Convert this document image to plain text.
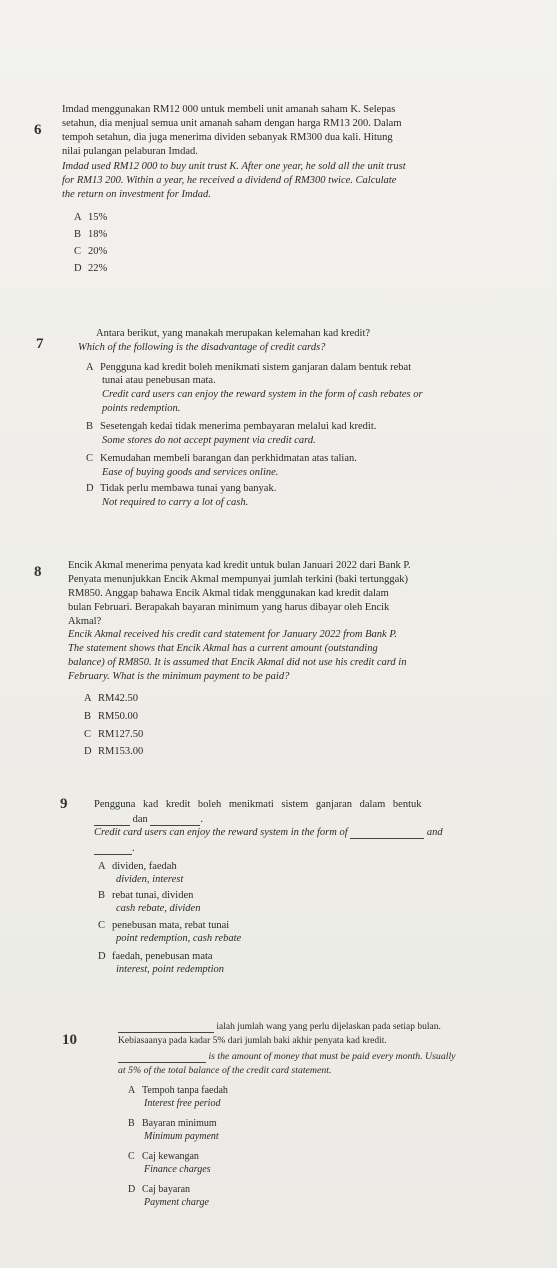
6
Imdad menggunakan RM12 000 untuk membeli unit amanah saham K. Selepas
setahun, dia menjual semua unit amanah saham dengan harga RM13 200. Dalam
tempoh setahun, dia juga menerima dividen sebanyak RM300 dua kali. Hitung
nilai pulangan pelaburan Imdad.
Imdad used RM12 000 to buy unit trust K. After one year, he sold all the unit trust
for RM13 200. Within a year, he received a dividend of RM300 twice. Calculate
the return on investment for Imdad.
A 15%
B 18%
C 20%
D 22%
7
Antara berikut, yang manakah merupakan kelemahan kad kredit?
Which of the following is the disadvantage of credit cards?
A Pengguna kad kredit boleh menikmati sistem ganjaran dalam bentuk rebat
tunai atau penebusan mata.
Credit card users can enjoy the reward system in the form of cash rebates or
points redemption.
B Sesetengah kedai tidak menerima pembayaran melalui kad kredit.
Some stores do not accept payment via credit card.
C Kemudahan membeli barangan dan perkhidmatan atas talian.
Ease of buying goods and services online.
D Tidak perlu membawa tunai yang banyak.
Not required to carry a lot of cash.
8	Encik Akmal menerima penyata kad kredit untuk bulan Januari 2022 dari Bank P.
Penyata menunjukkan Encik Akmal mempunyai jumlah terkini (baki tertunggak)
RM850. Anggap bahawa Encik Akmal tidak menggunakan kad kredit dalam
bulan Februari. Berapakah bayaran minimum yang harus dibayar oleh Encik
Akmal?
Encik Akmal received his credit card statement for January 2022 from Bank P.
The statement shows that Encik Akmal has a current amount (outstanding
balance) of RM850. It is assumed that Encik Akmal did not use his credit card in
February. What is the minimum payment to be paid?
A RM42.50
B RM50.00
C RM127.50
D RM153.00
9	Pengguna kad kredit boleh menikmati sistem ganjaran dalam bentuk
dan	.
Credit card users can enjoy the reward system in the form of	and
.
A dividen, faedah
dividen, interest
B rebat tunai, dividen
cash rebate, dividen
C penebusan mata, rebat tunai
point redemption, cash rebate
D faedah, penebusan mata
interest, point redemption
10
ialah jumlah wang yang perlu dijelaskan pada setiap bulan.
Kebiasaanya pada kadar 5% dari jumlah baki akhir penyata kad kredit.
is the amount of money that must be paid every month. Usually
at 5% of the total balance of the credit card statement.
A Tempoh tanpa faedah
Interest free period
B Bayaran minimum
Minimum payment
C Caj kewangan
Finance charges
D Caj bayaran
Payment charge
